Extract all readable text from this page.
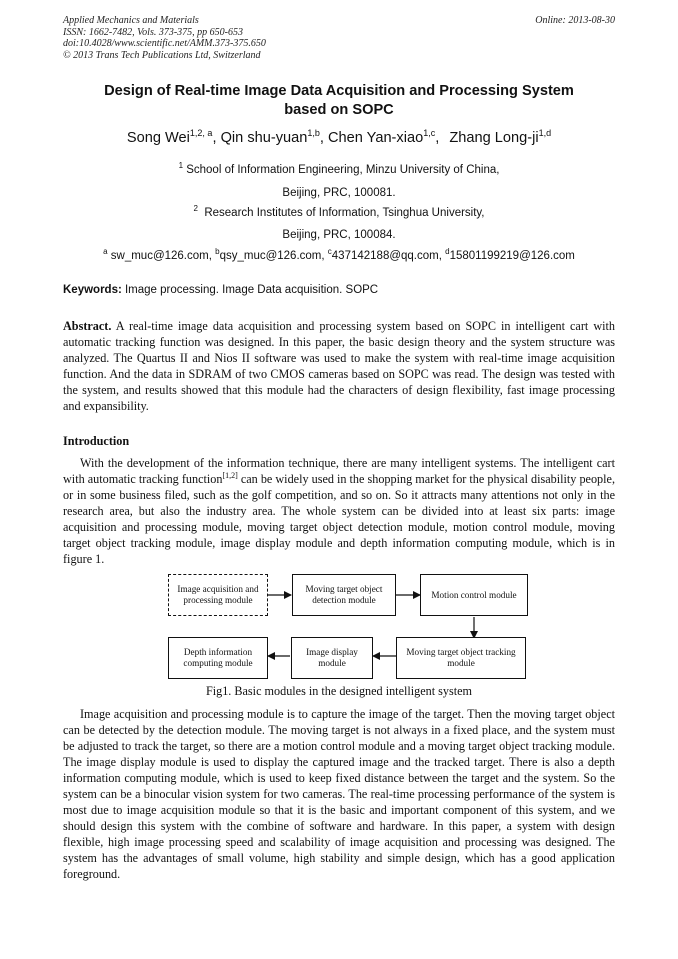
Applied Mechanics and Materials
ISSN: 1662-7482, Vols. 373-375, pp 650-653
doi:10.4028/www.scientific.net/AMM.373-375.650
© 2013 Trans Tech Publications Ltd, Switzerland
Online: 2013-08-30
Design of Real-time Image Data Acquisition and Processing System
based on SOPC
Song Wei$^{1,2, a}$, Qin shu-yuan$^{1,b}$, Chen Yan-xiao$^{1,c}$, Zhang Long-ji$^{1,d}$
$^1$ School of Information Engineering, Minzu University of China,
Beijing, PRC, 100081.
$^2$ Research Institutes of Information, Tsinghua University,
Beijing, PRC, 100084.
$^a$ sw_muc@126.com, $^b$qsy_muc@126.com, $^c$437142188@qq.com, $^d$15801199219@126.com
Keywords: Image processing. Image Data acquisition. SOPC
Abstract. A real-time image data acquisition and processing system based on SOPC in intelligent cart with automatic tracking function was designed. In this paper, the basic design theory and the system structure was analyzed. The Quartus II and Nios II software was used to make the system with real-time image acquisition function. And the data in SDRAM of two CMOS cameras based on SOPC was read. The design was tested with the system, and results showed that this module had the characters of design flexibility, fast image processing and expansibility.
Introduction
With the development of the information technique, there are many intelligent systems. The intelligent cart with automatic tracking function[1,2] can be widely used in the shopping market for the physical disability people, or in some business filed, such as the golf competition, and so on. So it attracts many attentions not only in the research area, but also the industry area. The whole system can be divided into at least six parts: image acquisition and processing module, moving target object detection module, motion control module, moving target object tracking module, image display module and depth information computing module, which is in figure 1.
Image acquisition and processing module
Moving target object detection module
Motion control module
Moving target object tracking module
Image display module
Depth information computing module
Fig1. Basic modules in the designed intelligent system
Image acquisition and processing module is to capture the image of the target. Then the moving target object can be detected by the detection module. The moving target is not always in a fixed place, and the system must be adjusted to track the target, so there are a motion control module and a moving target object tracking module. The image display module is used to display the captured image and the tracked target. There is also a depth information computing module, which is used to keep fixed distance between the target and the system. So the system can be a binocular vision system for two cameras. The real-time processing performance of the system is most due to image acquisition module so that it is the basic and important component of this system, and we should design this system with the combine of software and hardware. In this paper, a system with design flexible, high image processing speed and scalability of image acquisition and processing was designed. The system has the advantages of small volume, high stability and simple design, which has a good application foreground.
